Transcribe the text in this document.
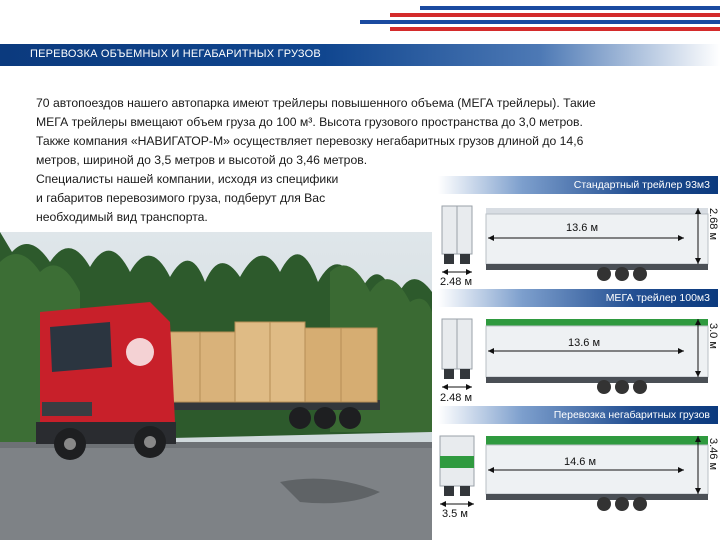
ПЕРЕВОЗКА ОБЪЕМНЫХ И НЕГАБАРИТНЫХ ГРУЗОВ
70 автопоездов нашего автопарка имеют трейлеры повышенного объема (МЕГА трейлеры). Такие
МЕГА трейлеры вмещают объем груза до 100 м³. Высота грузового пространства до 3,0 метров.
Также компания «НАВИГАТОР-М» осуществляет перевозку негабаритных грузов длиной до 14,6
метров, шириной до 3,5 метров и высотой до 3,46 метров.
Специалисты нашей компании, исходя из специфики
и габаритов перевозимого груза, подберут для Вас
необходимый вид транспорта.
Стандартный трейлер 93м3
13.6 м	2.68 м
2.48 м
МЕГА трейлер 100м3
13.6 м	3.0 м
2.48 м
Перевозка негабаритных грузов
14.6 м	3.46 м
3.5 м
